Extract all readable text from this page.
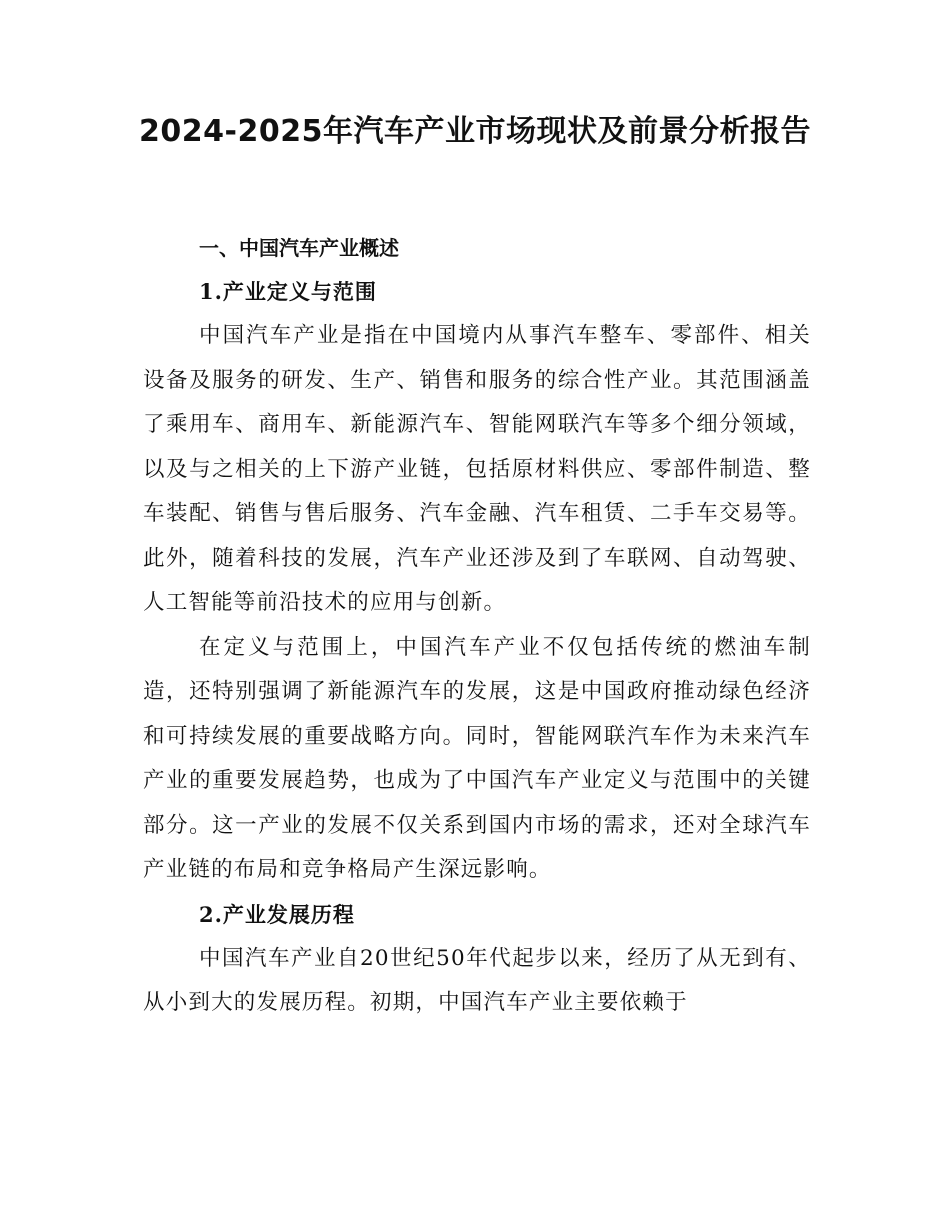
2024-2025年汽车产业市场现状及前景分析报告
一、中国汽车产业概述
1.产业定义与范围

中国汽车产业是指在中国境内从事汽车整车、零部件、相关设备及服务的研发、生产、销售和服务的综合性产业。其范围涵盖了乘用车、商用车、新能源汽车、智能网联汽车等多个细分领域，以及与之相关的上下游产业链，包括原材料供应、零部件制造、整车装配、销售与售后服务、汽车金融、汽车租赁、二手车交易等。此外，随着科技的发展，汽车产业还涉及到了车联网、自动驾驶、人工智能等前沿技术的应用与创新。

在定义与范围上，中国汽车产业不仅包括传统的燃油车制造，还特别强调了新能源汽车的发展，这是中国政府推动绿色经济和可持续发展的重要战略方向。同时，智能网联汽车作为未来汽车产业的重要发展趋势，也成为了中国汽车产业定义与范围中的关键部分。这一产业的发展不仅关系到国内市场的需求，还对全球汽车产业链的布局和竞争格局产生深远影响。

2.产业发展历程

中国汽车产业自20世纪50年代起步以来，经历了从无到有、从小到大的发展历程。初期，中国汽车产业主要依赖于
